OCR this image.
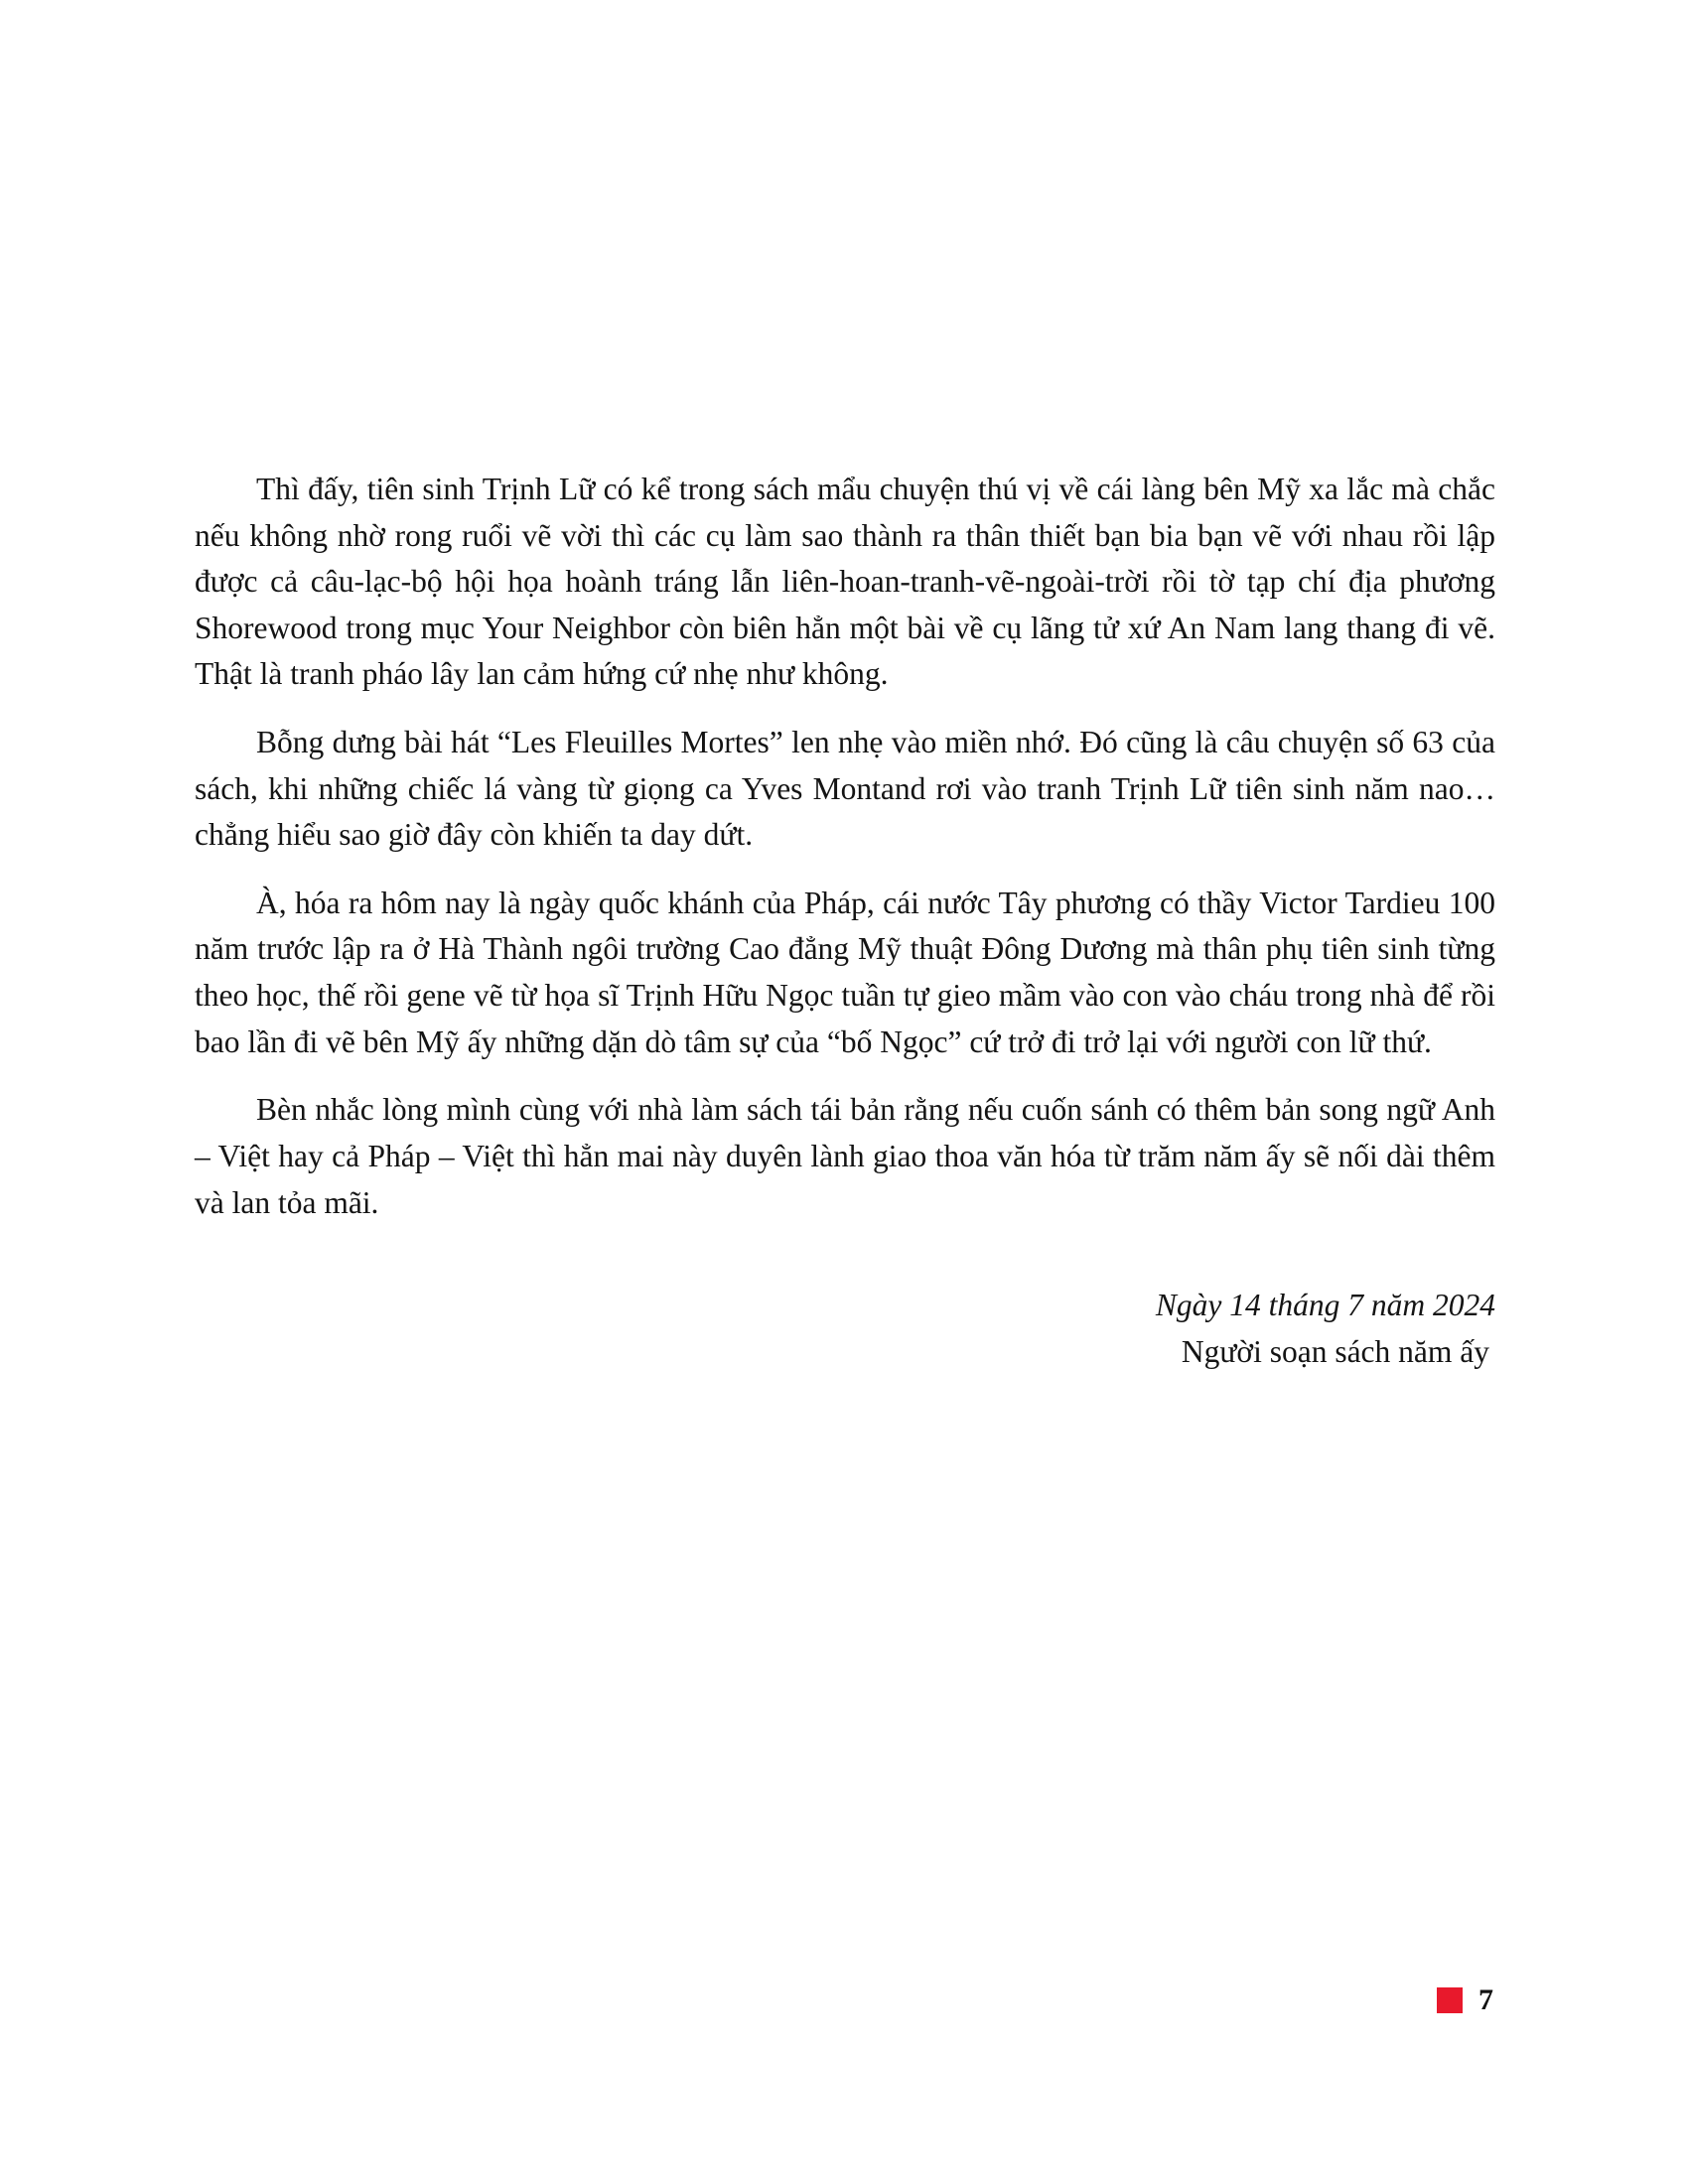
Thì đấy, tiên sinh Trịnh Lữ có kể trong sách mẩu chuyện thú vị về cái làng bên Mỹ xa lắc mà chắc nếu không nhờ rong ruổi vẽ vời thì các cụ làm sao thành ra thân thiết bạn bia bạn vẽ với nhau rồi lập được cả câu-lạc-bộ hội họa hoành tráng lẫn liên-hoan-tranh-vẽ-ngoài-trời rồi tờ tạp chí địa phương Shorewood trong mục Your Neighbor còn biên hẳn một bài về cụ lãng tử xứ An Nam lang thang đi vẽ. Thật là tranh pháo lây lan cảm hứng cứ nhẹ như không.

Bỗng dưng bài hát “Les Fleuilles Mortes” len nhẹ vào miền nhớ. Đó cũng là câu chuyện số 63 của sách, khi những chiếc lá vàng từ giọng ca Yves Montand rơi vào tranh Trịnh Lữ tiên sinh năm nao… chẳng hiểu sao giờ đây còn khiến ta day dứt.

À, hóa ra hôm nay là ngày quốc khánh của Pháp, cái nước Tây phương có thầy Victor Tardieu 100 năm trước lập ra ở Hà Thành ngôi trường Cao đẳng Mỹ thuật Đông Dương mà thân phụ tiên sinh từng theo học, thế rồi gene vẽ từ họa sĩ Trịnh Hữu Ngọc tuần tự gieo mầm vào con vào cháu trong nhà để rồi bao lần đi vẽ bên Mỹ ấy những dặn dò tâm sự của “bố Ngọc” cứ trở đi trở lại với người con lữ thứ.

Bèn nhắc lòng mình cùng với nhà làm sách tái bản rằng nếu cuốn sánh có thêm bản song ngữ Anh – Việt hay cả Pháp – Việt thì hẳn mai này duyên lành giao thoa văn hóa từ trăm năm ấy sẽ nối dài thêm và lan tỏa mãi.

Ngày 14 tháng 7 năm 2024
Người soạn sách năm ấy
7
